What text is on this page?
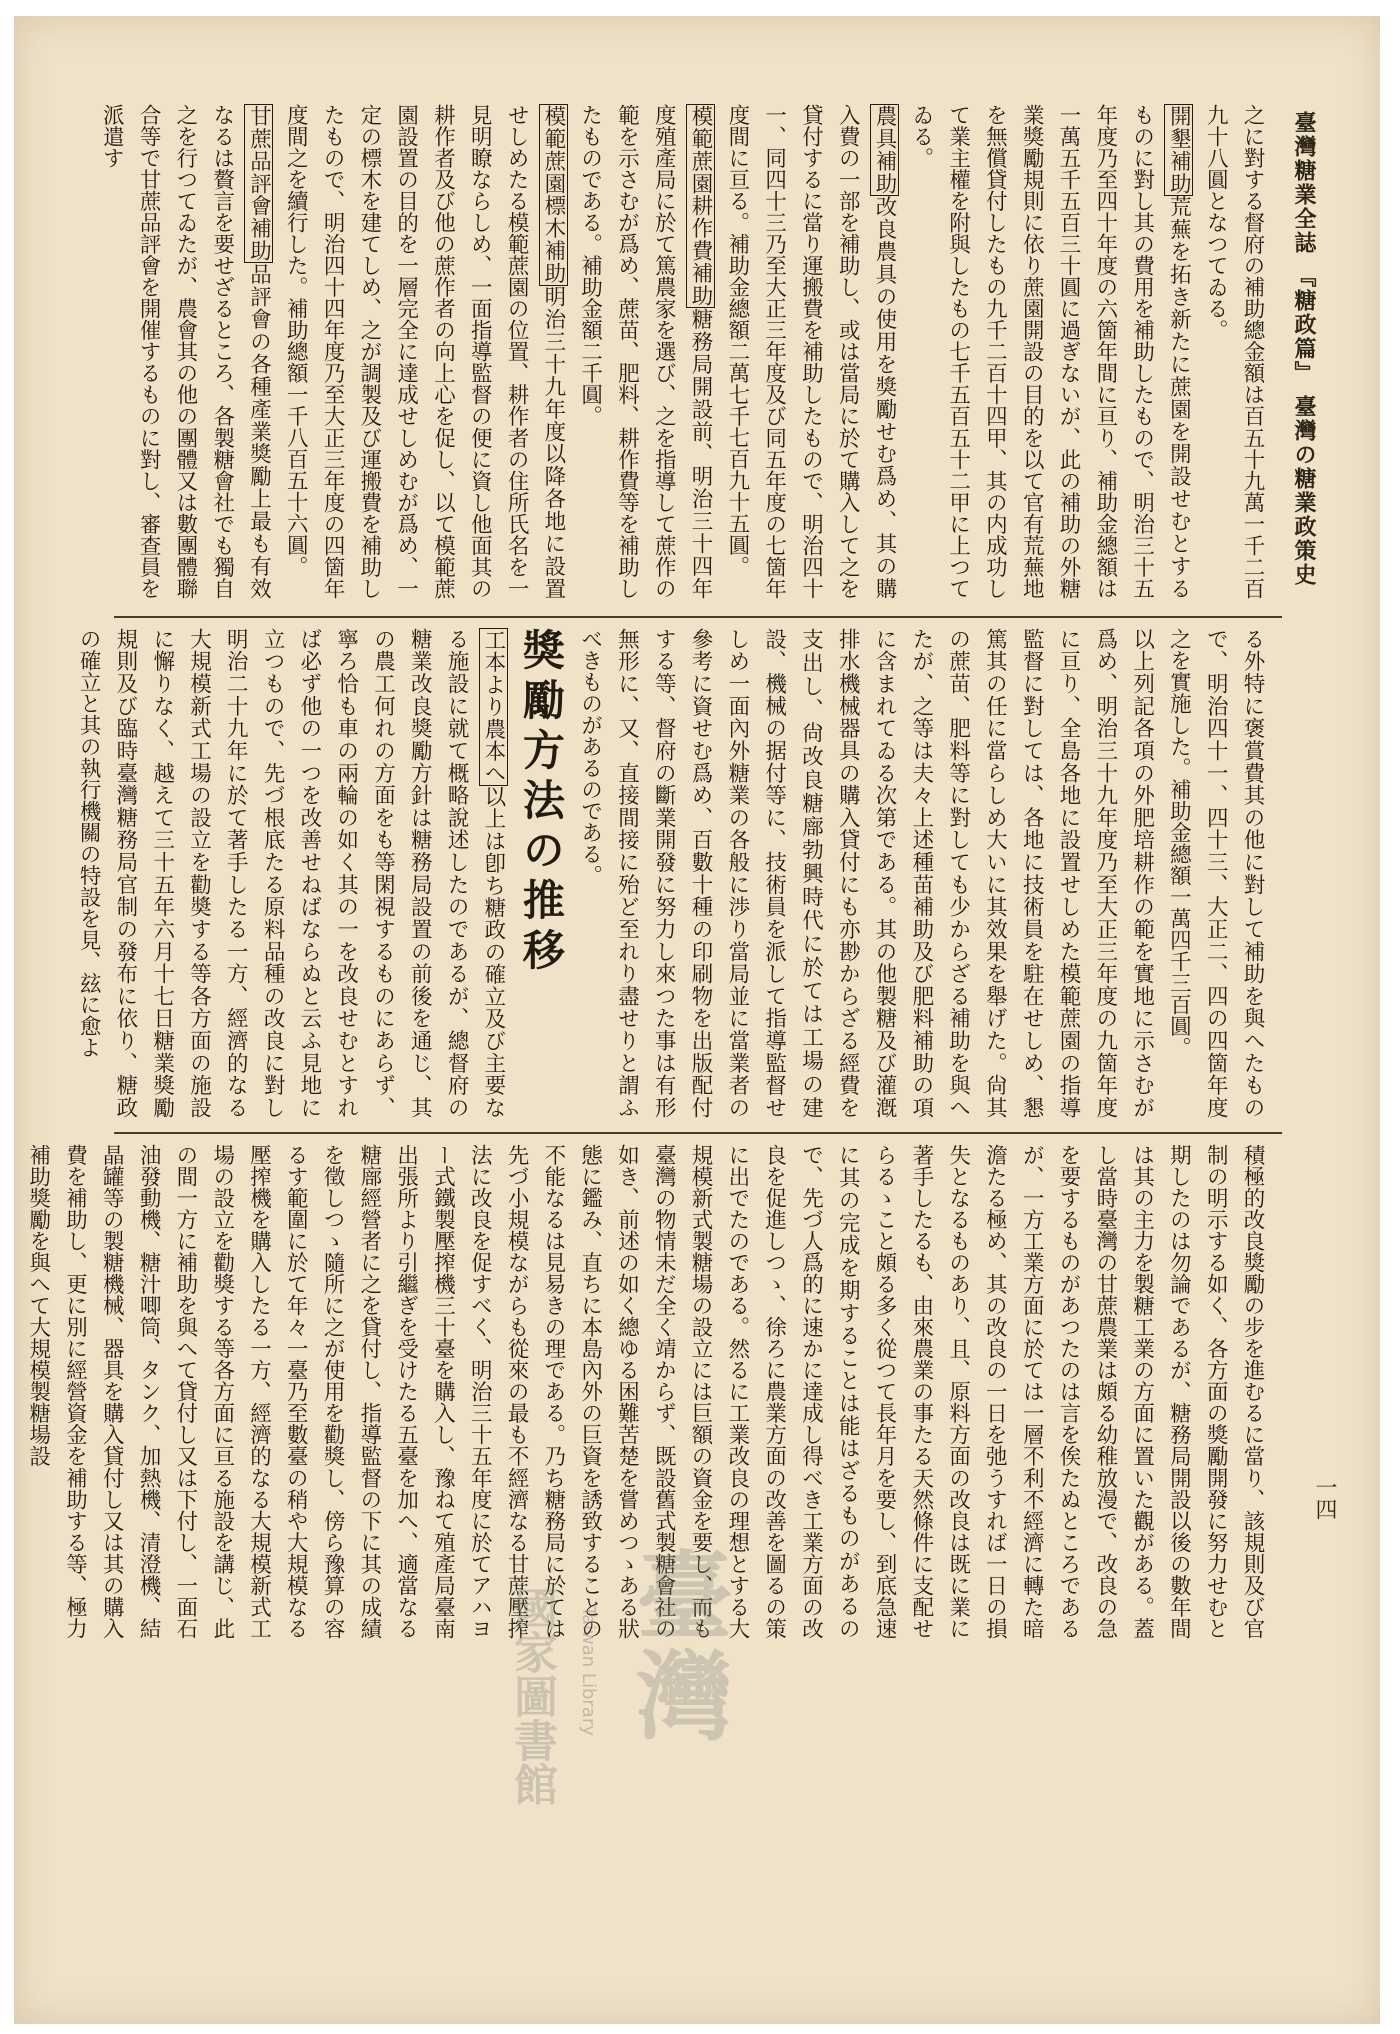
臺灣糖業全誌
『糖政篇』
臺灣の糖業政策史

之に對する督府の補助總金額は百五十九萬一千二百九十八圓となつてゐる。

開墾補助荒蕪を拓き新たに蔗園を開設せむとするものに對し其の費用を補助したもので、明治三十五年度乃至四十年度の六箇年間に亘り、補助金總額は一萬五千五百三十圓に過ぎないが、此の補助の外糖業獎勵規則に依り蔗園開設の目的を以て官有荒蕪地を無償貸付したもの九千二百十四甲、其の内成功して業主權を附與したもの七千五百五十二甲に上つてゐる。

農具補助改良農具の使用を獎勵せむ爲め、其の購入費の一部を補助し、或は當局に於て購入して之を貸付するに當り運搬費を補助したもので、明治四十一、同四十三乃至大正三年度及び同五年度の七箇年度間に亘る。補助金總額二萬七千七百九十五圓。

模範蔗園耕作費補助糖務局開設前、明治三十四年度殖產局に於て篤農家を選び、之を指導して蔗作の範を示さむが爲め、蔗苗、肥料、耕作費等を補助したものである。補助金額二千圓。

模範蔗園標木補助明治三十九年度以降各地に設置せしめたる模範蔗園の位置、耕作者の住所氏名を一見明瞭ならしめ、一面指導監督の便に資し他面其の耕作者及び他の蔗作者の向上心を促し、以て模範蔗園設置の目的を一層完全に達成せしめむが爲め、一定の標木を建てしめ、之が調製及び運搬費を補助したもので、明治四十四年度乃至大正三年度の四箇年度間之を續行した。補助總額一千八百五十六圓。

甘蔗品評會補助品評會の各種產業獎勵上最も有效なるは贅言を要せざるところ、各製糖會社でも獨自之を行つてゐたが、農會其の他の團體又は數團體聯合等で甘蔗品評會を開催するものに對し、審查員を派遣す

る外特に褒賞費其の他に對して補助を與へたもので、明治四十一、四十三、大正二、四の四箇年度之を實施した。補助金總額一萬四千三百圓。

以上列記各項の外肥培耕作の範を實地に示さむが爲め、明治三十九年度乃至大正三年度の九箇年度に亘り、全島各地に設置せしめた模範蔗園の指導監督に對しては、各地に技術員を駐在せしめ、懇篤其の任に當らしめ大いに其效果を舉げた。尙其の蔗苗、肥料等に對しても少からざる補助を與へたが、之等は夫々上述種苗補助及び肥料補助の項に含まれてゐる次第である。其の他製糖及び灌漑排水機械器具の購入貸付にも亦尠からざる經費を支出し、尙改良糖廍勃興時代に於ては工場の建設、機械の据付等に、技術員を派して指導監督せしめ一面內外糖業の各般に渉り當局並に當業者の參考に資せむ爲め、百數十種の印刷物を出版配付する等、督府の斷業開發に努力し來つた事は有形無形に、又、直接間接に殆ど至れり盡せりと謂ふべきものがあるのである。

獎勵方法の推移

工本より農本へ以上は卽ち糖政の確立及び主要なる施設に就て概略說述したのであるが、總督府の糖業改良獎勵方針は糖務局設置の前後を通じ、其の農工何れの方面をも等閑視するものにあらず、寧ろ恰も車の兩輪の如く其の一を改良せむとすれば必ず他の一つを改善せねばならぬと云ふ見地に立つもので、先づ根底たる原料品種の改良に對し明治二十九年に於て著手したる一方、經濟的なる大規模新式工場の設立を勸奬する等各方面の施設に懈りなく、越えて三十五年六月十七日糖業獎勵規則及び臨時臺灣糖務局官制の發布に依り、糖政の確立と其の執行機關の特設を見、玆に愈よ

積極的改良獎勵の步を進むるに當り、該規則及び官制の明示する如く、各方面の獎勵開發に努力せむと期したのは勿論であるが、糖務局開設以後の數年間は其の主力を製糖工業の方面に置いた觀がある。蓋し當時臺灣の甘蔗農業は頗る幼稚放漫で、改良の急を要するものがあつたのは言を俟たぬところであるが、一方工業方面に於ては一層不利不經濟に轉た暗澹たる極め、其の改良の一日を弛うすれば一日の損失となるものあり、且、原料方面の改良は既に業に著手したるも、由來農業の事たる天然條件に支配せらるゝこと頗る多く從つて長年月を要し、到底急速に其の完成を期することは能はざるものがあるので、先づ人爲的に速かに達成し得べき工業方面の改良を促進しつゝ、徐ろに農業方面の改善を圖るの策に出でたのである。然るに工業改良の理想とする大規模新式製糖場の設立には巨額の資金を要し、而も臺灣の物情未だ全く靖からず、既設舊式製糖會社の如き、前述の如く總ゆる困難苦楚を嘗めつゝある狀態に鑑み、直ちに本島內外の巨資を誘致することの不能なるは見易きの理である。乃ち糖務局に於ては先づ小規模ながらも從來の最も不經濟なる甘蔗壓搾法に改良を促すべく、明治三十五年度に於てアハヨー式鐵製壓搾機三十臺を購入し、豫ねて殖產局臺南出張所より引繼ぎを受けたる五臺を加へ、適當なる糖廍經營者に之を貸付し、指導監督の下に其の成績を徵しつゝ隨所に之が使用を勸獎し、傍ら豫算の容るす範圍に於て年々一臺乃至數臺の稍や大規模なる壓搾機を購入したる一方、經濟的なる大規模新式工場の設立を勸獎する等各方面に亘る施設を講じ、此の間一方に補助を與へて貸付し又は下付し、一面石油發動機、糖汁唧筒、タンク、加熱機、清澄機、結晶罐等の製糖機械、器具を購入貸付し又は其の購入費を補助し、更に別に經營資金を補助する等、極力補助獎勵を與へて大規模製糖場設

一四
臺灣
Taiwan Library
國家圖書館
